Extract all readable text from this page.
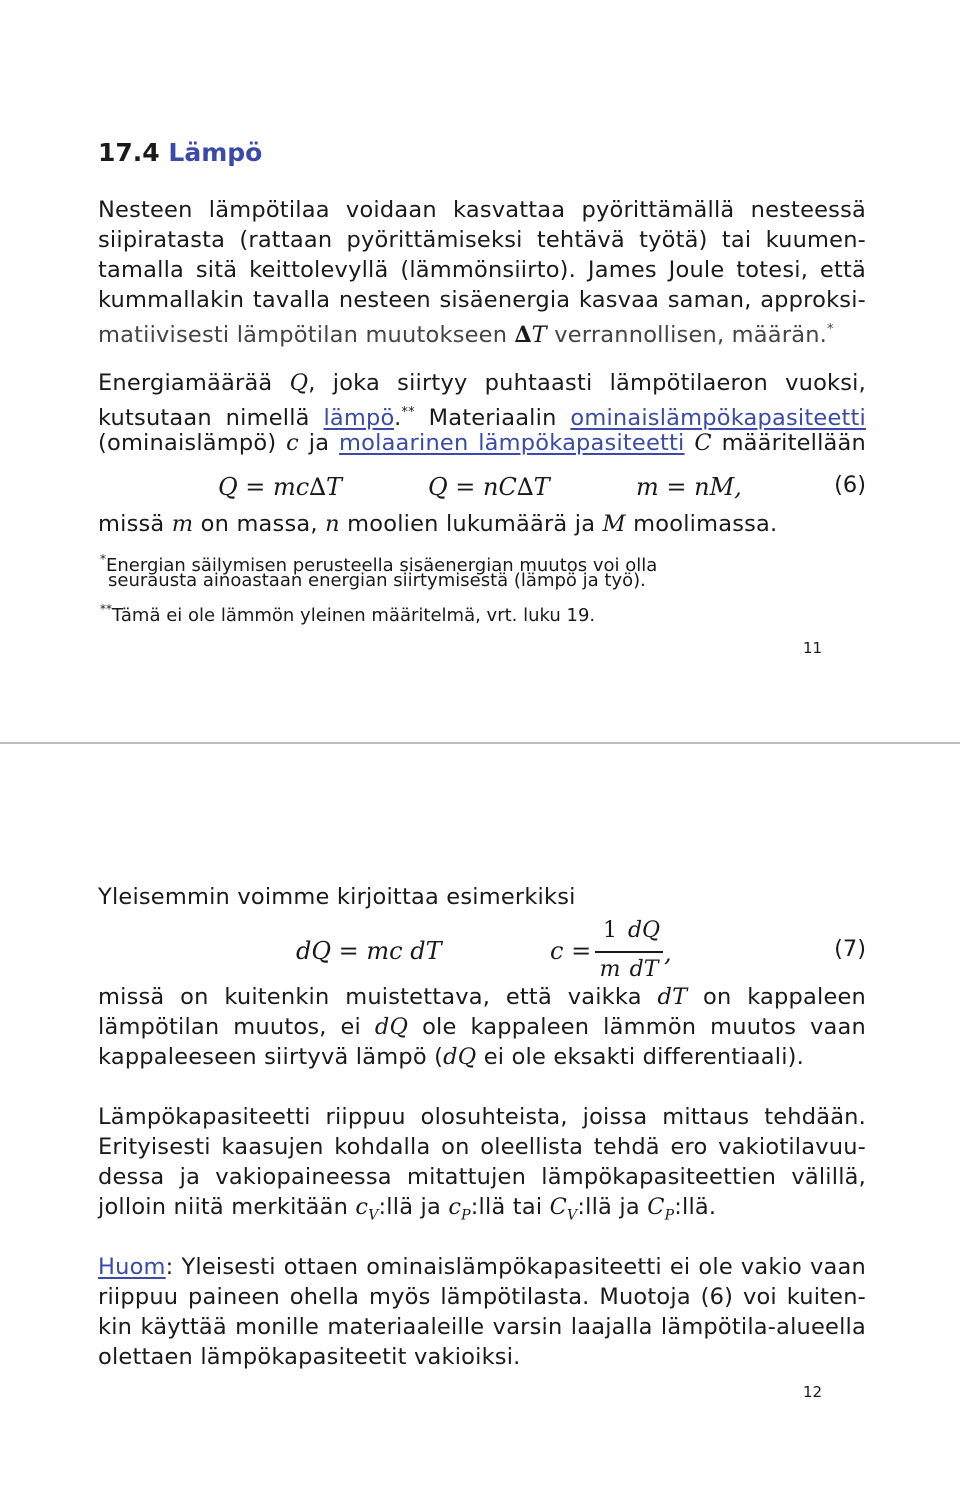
17.4 Lämpö

Nesteen lämpötilaa voidaan kasvattaa pyörittämällä nesteessä

siipiratasta (rattaan pyörittämiseksi tehtävä työtä) tai kuumen-

tamalla sitä keittolevyllä (lämmönsiirto). James Joule totesi, että

kummallakin tavalla nesteen sisäenergia kasvaa saman, approksi-

matiivisesti lämpötilan muutokseen ∆T verrannollisen, määrän.*

Energiamäärää Q, joka siirtyy puhtaasti lämpötilaeron vuoksi,

kutsutaan nimellä lämpö.** Materiaalin ominaislämpökapasiteetti

(ominaislämpö) c ja molaarinen lämpökapasiteetti C määritellään

Q = mc∆T	Q = nC∆T	m = nM,	(6)

missä m on massa, n moolien lukumäärä ja M moolimassa.

*Energian säilymisen perusteella sisäenergian muutos voi olla

seurausta ainoastaan energian siirtymisestä (lämpö ja työ).

**Tämä ei ole lämmön yleinen määritelmä, vrt. luku 19.

11

Yleisemmin voimme kirjoittaa esimerkiksi

dQ = mc dT	c =
1
m
dQ
dT
,	(7)

missä on kuitenkin muistettava, että vaikka dT on kappaleen

lämpötilan muutos, ei dQ ole kappaleen lämmön muutos vaan

kappaleeseen siirtyvä lämpö (dQ ei ole eksakti differentiaali).

Lämpökapasiteetti riippuu olosuhteista, joissa mittaus tehdään.

Erityisesti kaasujen kohdalla on oleellista tehdä ero vakiotilavuu-

dessa ja vakiopaineessa mitattujen lämpökapasiteettien välillä,

jolloin niitä merkitään $c_V:llä$ ja $c_P:llä$ tai $C_V:llä$ ja $C_P:llä$.

Huom: Yleisesti ottaen ominaislämpökapasiteetti ei ole vakio vaan

riippuu paineen ohella myös lämpötilasta. Muotoja (6) voi kuiten-

kin käyttää monille materiaaleille varsin laajalla lämpötila-alueella

olettaen lämpökapasiteetit vakioiksi.

12
